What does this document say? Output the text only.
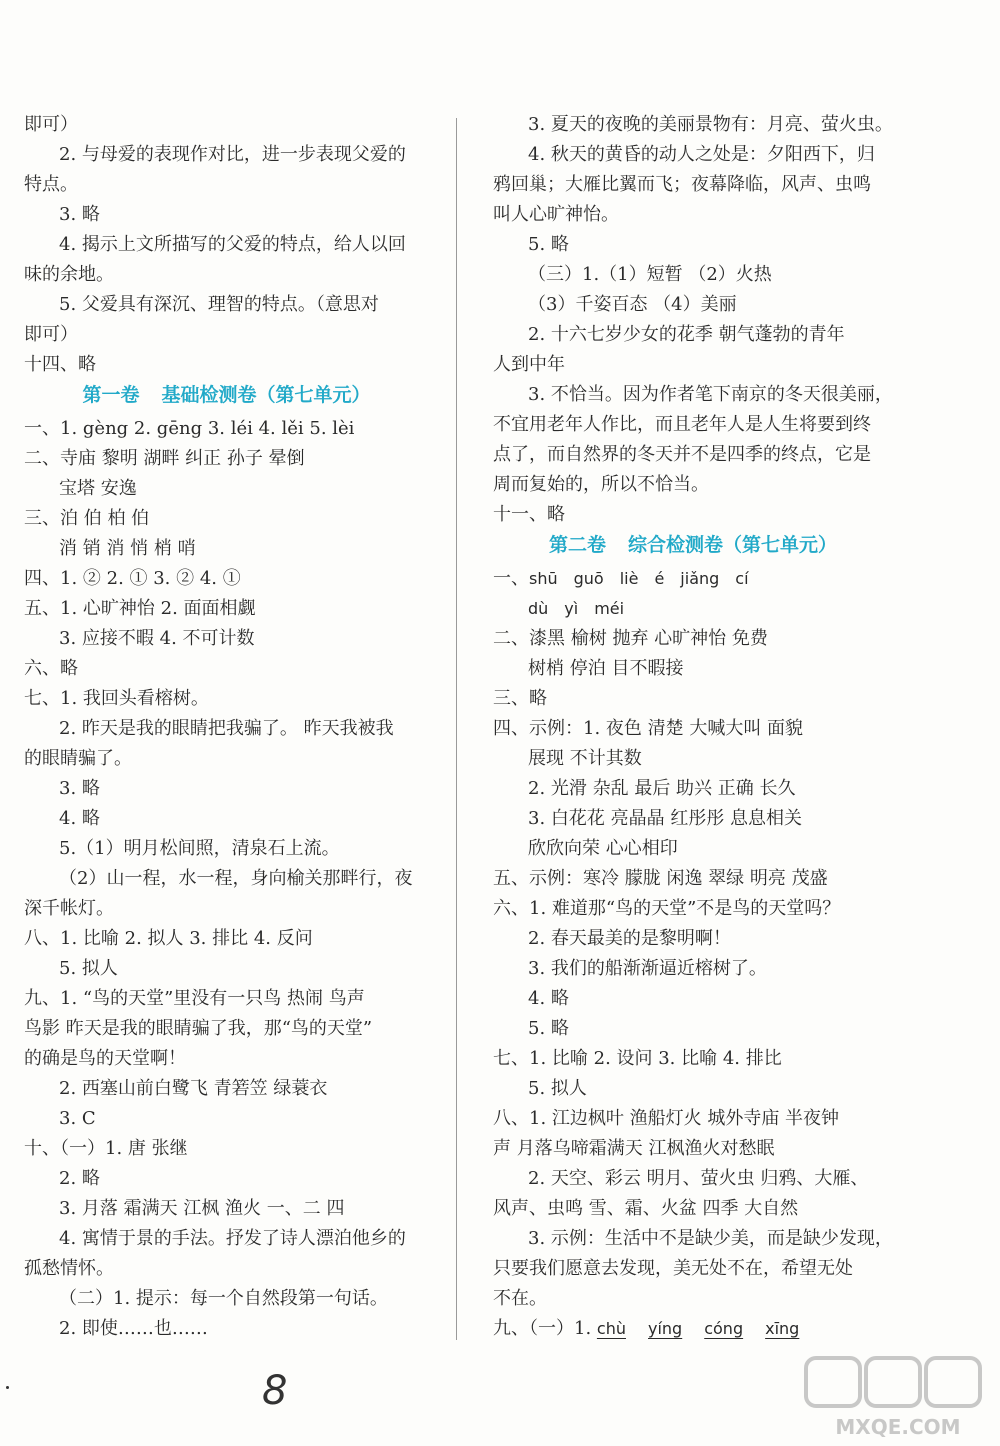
即可）
2. 与母爱的表现作对比，进一步表现父爱的
特点。
3. 略
4. 揭示上文所描写的父爱的特点，给人以回
味的余地。
5. 父爱具有深沉、理智的特点。（意思对
即可）
十四、略
第一卷 基础检测卷（第七单元）
一、1. gèng 2. gēng 3. léi 4. lěi 5. lèi
二、寺庙 黎明 湖畔 纠正 孙子 晕倒
宝塔 安逸
三、泊 伯 柏 伯
消 销 消 悄 梢 哨
四、1. ② 2. ① 3. ② 4. ①
五、1. 心旷神怡 2. 面面相觑
3. 应接不暇 4. 不可计数
六、略
七、1. 我回头看榕树。
2. 昨天是我的眼睛把我骗了。 昨天我被我
的眼睛骗了。
3. 略
4. 略
5.（1）明月松间照，清泉石上流。
（2）山一程，水一程，身向榆关那畔行，夜
深千帐灯。
八、1. 比喻 2. 拟人 3. 排比 4. 反问
5. 拟人
九、1. “鸟的天堂”里没有一只鸟 热闹 鸟声
鸟影 昨天是我的眼睛骗了我，那“鸟的天堂”
的确是鸟的天堂啊！
2. 西塞山前白鹭飞 青箬笠 绿蓑衣
3. C
十、（一）1. 唐 张继
2. 略
3. 月落 霜满天 江枫 渔火 一、二 四
4. 寓情于景的手法。抒发了诗人漂泊他乡的
孤愁情怀。
（二）1. 提示：每一个自然段第一句话。
2. 即使……也……
3. 夏天的夜晚的美丽景物有：月亮、萤火虫。
4. 秋天的黄昏的动人之处是：夕阳西下，归
鸦回巢；大雁比翼而飞；夜幕降临，风声、虫鸣
叫人心旷神怡。
5. 略
（三）1.（1）短暂 （2）火热
（3）千姿百态 （4）美丽
2. 十六七岁少女的花季 朝气蓬勃的青年
人到中年
3. 不恰当。因为作者笔下南京的冬天很美丽，
不宜用老年人作比，而且老年人是人生将要到终
点了，而自然界的冬天并不是四季的终点，它是
周而复始的，所以不恰当。
十一、略
第二卷 综合检测卷（第七单元）
一、shū guō liè é jiǎng cí
dù yì méi
二、漆黑 榆树 抛弃 心旷神怡 免费
树梢 停泊 目不暇接
三、略
四、示例：1. 夜色 清楚 大喊大叫 面貌
展现 不计其数
2. 光滑 杂乱 最后 助兴 正确 长久
3. 白花花 亮晶晶 红彤彤 息息相关
欣欣向荣 心心相印
五、示例：寒冷 朦胧 闲逸 翠绿 明亮 茂盛
六、1. 难道那“鸟的天堂”不是鸟的天堂吗？
2. 春天最美的是黎明啊！
3. 我们的船渐渐逼近榕树了。
4. 略
5. 略
七、1. 比喻 2. 设问 3. 比喻 4. 排比
5. 拟人
八、1. 江边枫叶 渔船灯火 城外寺庙 半夜钟
声 月落乌啼霜满天 江枫渔火对愁眠
2. 天空、彩云 明月、萤火虫 归鸦、大雁、
风声、虫鸣 雪、霜、火盆 四季 大自然
3. 示例：生活中不是缺少美，而是缺少发现，
只要我们愿意去发现，美无处不在，希望无处
不在。
九、（一）1. chù yíng cóng xīng
8
MXQE.COM
